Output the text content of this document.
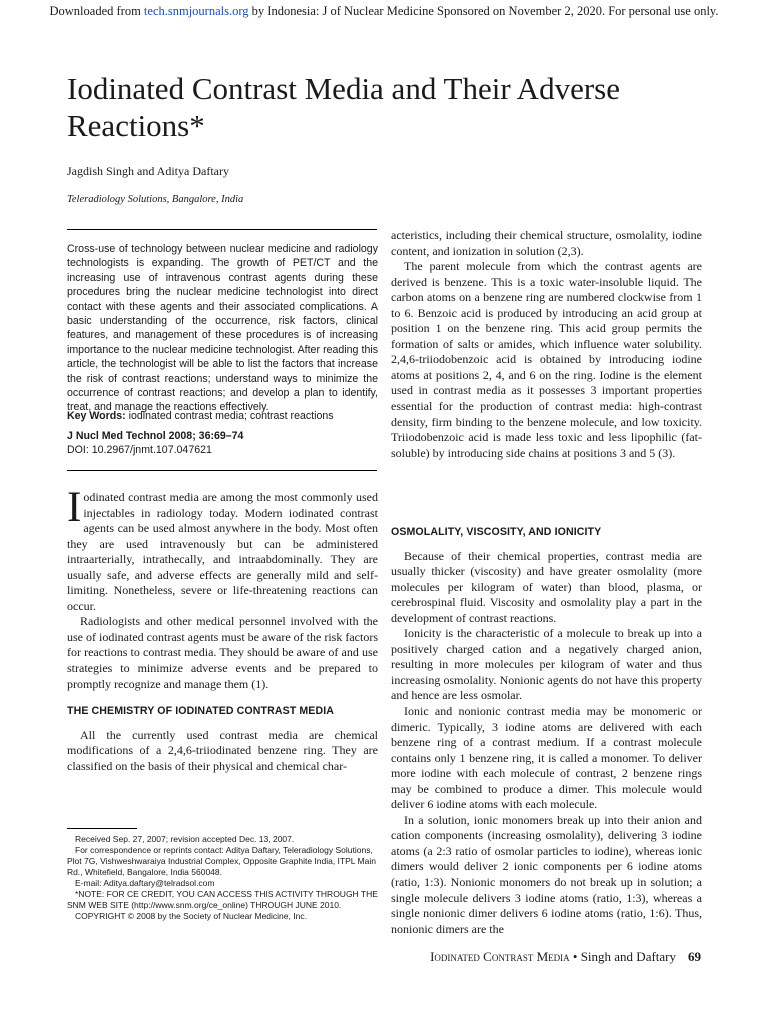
Downloaded from tech.snmjournals.org by Indonesia: J of Nuclear Medicine Sponsored on November 2, 2020. For personal use only.
Iodinated Contrast Media and Their Adverse Reactions*
Jagdish Singh and Aditya Daftary
Teleradiology Solutions, Bangalore, India

Cross-use of technology between nuclear medicine and radiology technologists is expanding. The growth of PET/CT and the increasing use of intravenous contrast agents during these procedures bring the nuclear medicine technologist into direct contact with these agents and their associated complications. A basic understanding of the occurrence, risk factors, clinical features, and management of these procedures is of increasing importance to the nuclear medicine technologist. After reading this article, the technologist will be able to list the factors that increase the risk of contrast reactions; understand ways to minimize the occurrence of contrast reactions; and develop a plan to identify, treat, and manage the reactions effectively.

Key Words: iodinated contrast media; contrast reactions
J Nucl Med Technol 2008; 36:69–74
DOI: 10.2967/jnmt.107.047621

Iodinated contrast media are among the most commonly used injectables in radiology today. Modern iodinated contrast agents can be used almost anywhere in the body. Most often they are used intravenously but can be administered intraarterially, intrathecally, and intraabdominally. They are usually safe, and adverse effects are generally mild and self-limiting. Nonetheless, severe or life-threatening reactions can occur.

Radiologists and other medical personnel involved with the use of iodinated contrast agents must be aware of the risk factors for reactions to contrast media. They should be aware of and use strategies to minimize adverse events and be prepared to promptly recognize and manage them (1).

THE CHEMISTRY OF IODINATED CONTRAST MEDIA

All the currently used contrast media are chemical modifications of a 2,4,6-triiodinated benzene ring. They are classified on the basis of their physical and chemical char-

acteristics, including their chemical structure, osmolality, iodine content, and ionization in solution (2,3).

The parent molecule from which the contrast agents are derived is benzene. This is a toxic water-insoluble liquid. The carbon atoms on a benzene ring are numbered clockwise from 1 to 6. Benzoic acid is produced by introducing an acid group at position 1 on the benzene ring. This acid group permits the formation of salts or amides, which influence water solubility. 2,4,6-triiodobenzoic acid is obtained by introducing iodine atoms at positions 2, 4, and 6 on the ring. Iodine is the element used in contrast media as it possesses 3 important properties essential for the production of contrast media: high-contrast density, firm binding to the benzene molecule, and low toxicity. Triiodobenzoic acid is made less toxic and less lipophilic (fat-soluble) by introducing side chains at positions 3 and 5 (3).

OSMOLALITY, VISCOSITY, AND IONICITY

Because of their chemical properties, contrast media are usually thicker (viscosity) and have greater osmolality (more molecules per kilogram of water) than blood, plasma, or cerebrospinal fluid. Viscosity and osmolality play a part in the development of contrast reactions.

Ionicity is the characteristic of a molecule to break up into a positively charged cation and a negatively charged anion, resulting in more molecules per kilogram of water and thus increasing osmolality. Nonionic agents do not have this property and hence are less osmolar.

Ionic and nonionic contrast media may be monomeric or dimeric. Typically, 3 iodine atoms are delivered with each benzene ring of a contrast medium. If a contrast molecule contains only 1 benzene ring, it is called a monomer. To deliver more iodine with each molecule of contrast, 2 benzene rings may be combined to produce a dimer. This molecule would deliver 6 iodine atoms with each molecule.

In a solution, ionic monomers break up into their anion and cation components (increasing osmolality), delivering 3 iodine atoms (a 2:3 ratio of osmolar particles to iodine), whereas ionic dimers would deliver 2 ionic components per 6 iodine atoms (ratio, 1:3). Nonionic monomers do not break up in solution; a single molecule delivers 3 iodine atoms (ratio, 1:3), whereas a single nonionic dimer delivers 6 iodine atoms (ratio, 1:6). Thus, nonionic dimers are the

Received Sep. 27, 2007; revision accepted Dec. 13, 2007.

For correspondence or reprints contact: Aditya Daftary, Teleradiology Solutions, Plot 7G, Vishweshwaraiya Industrial Complex, Opposite Graphite India, ITPL Main Rd., Whitefield, Bangalore, India 560048.

E-mail: Aditya.daftary@telradsol.com

*NOTE: FOR CE CREDIT, YOU CAN ACCESS THIS ACTIVITY THROUGH THE SNM WEB SITE (http://www.snm.org/ce_online) THROUGH JUNE 2010.

COPYRIGHT © 2008 by the Society of Nuclear Medicine, Inc.

Iodinated Contrast Media • Singh and Daftary 69
